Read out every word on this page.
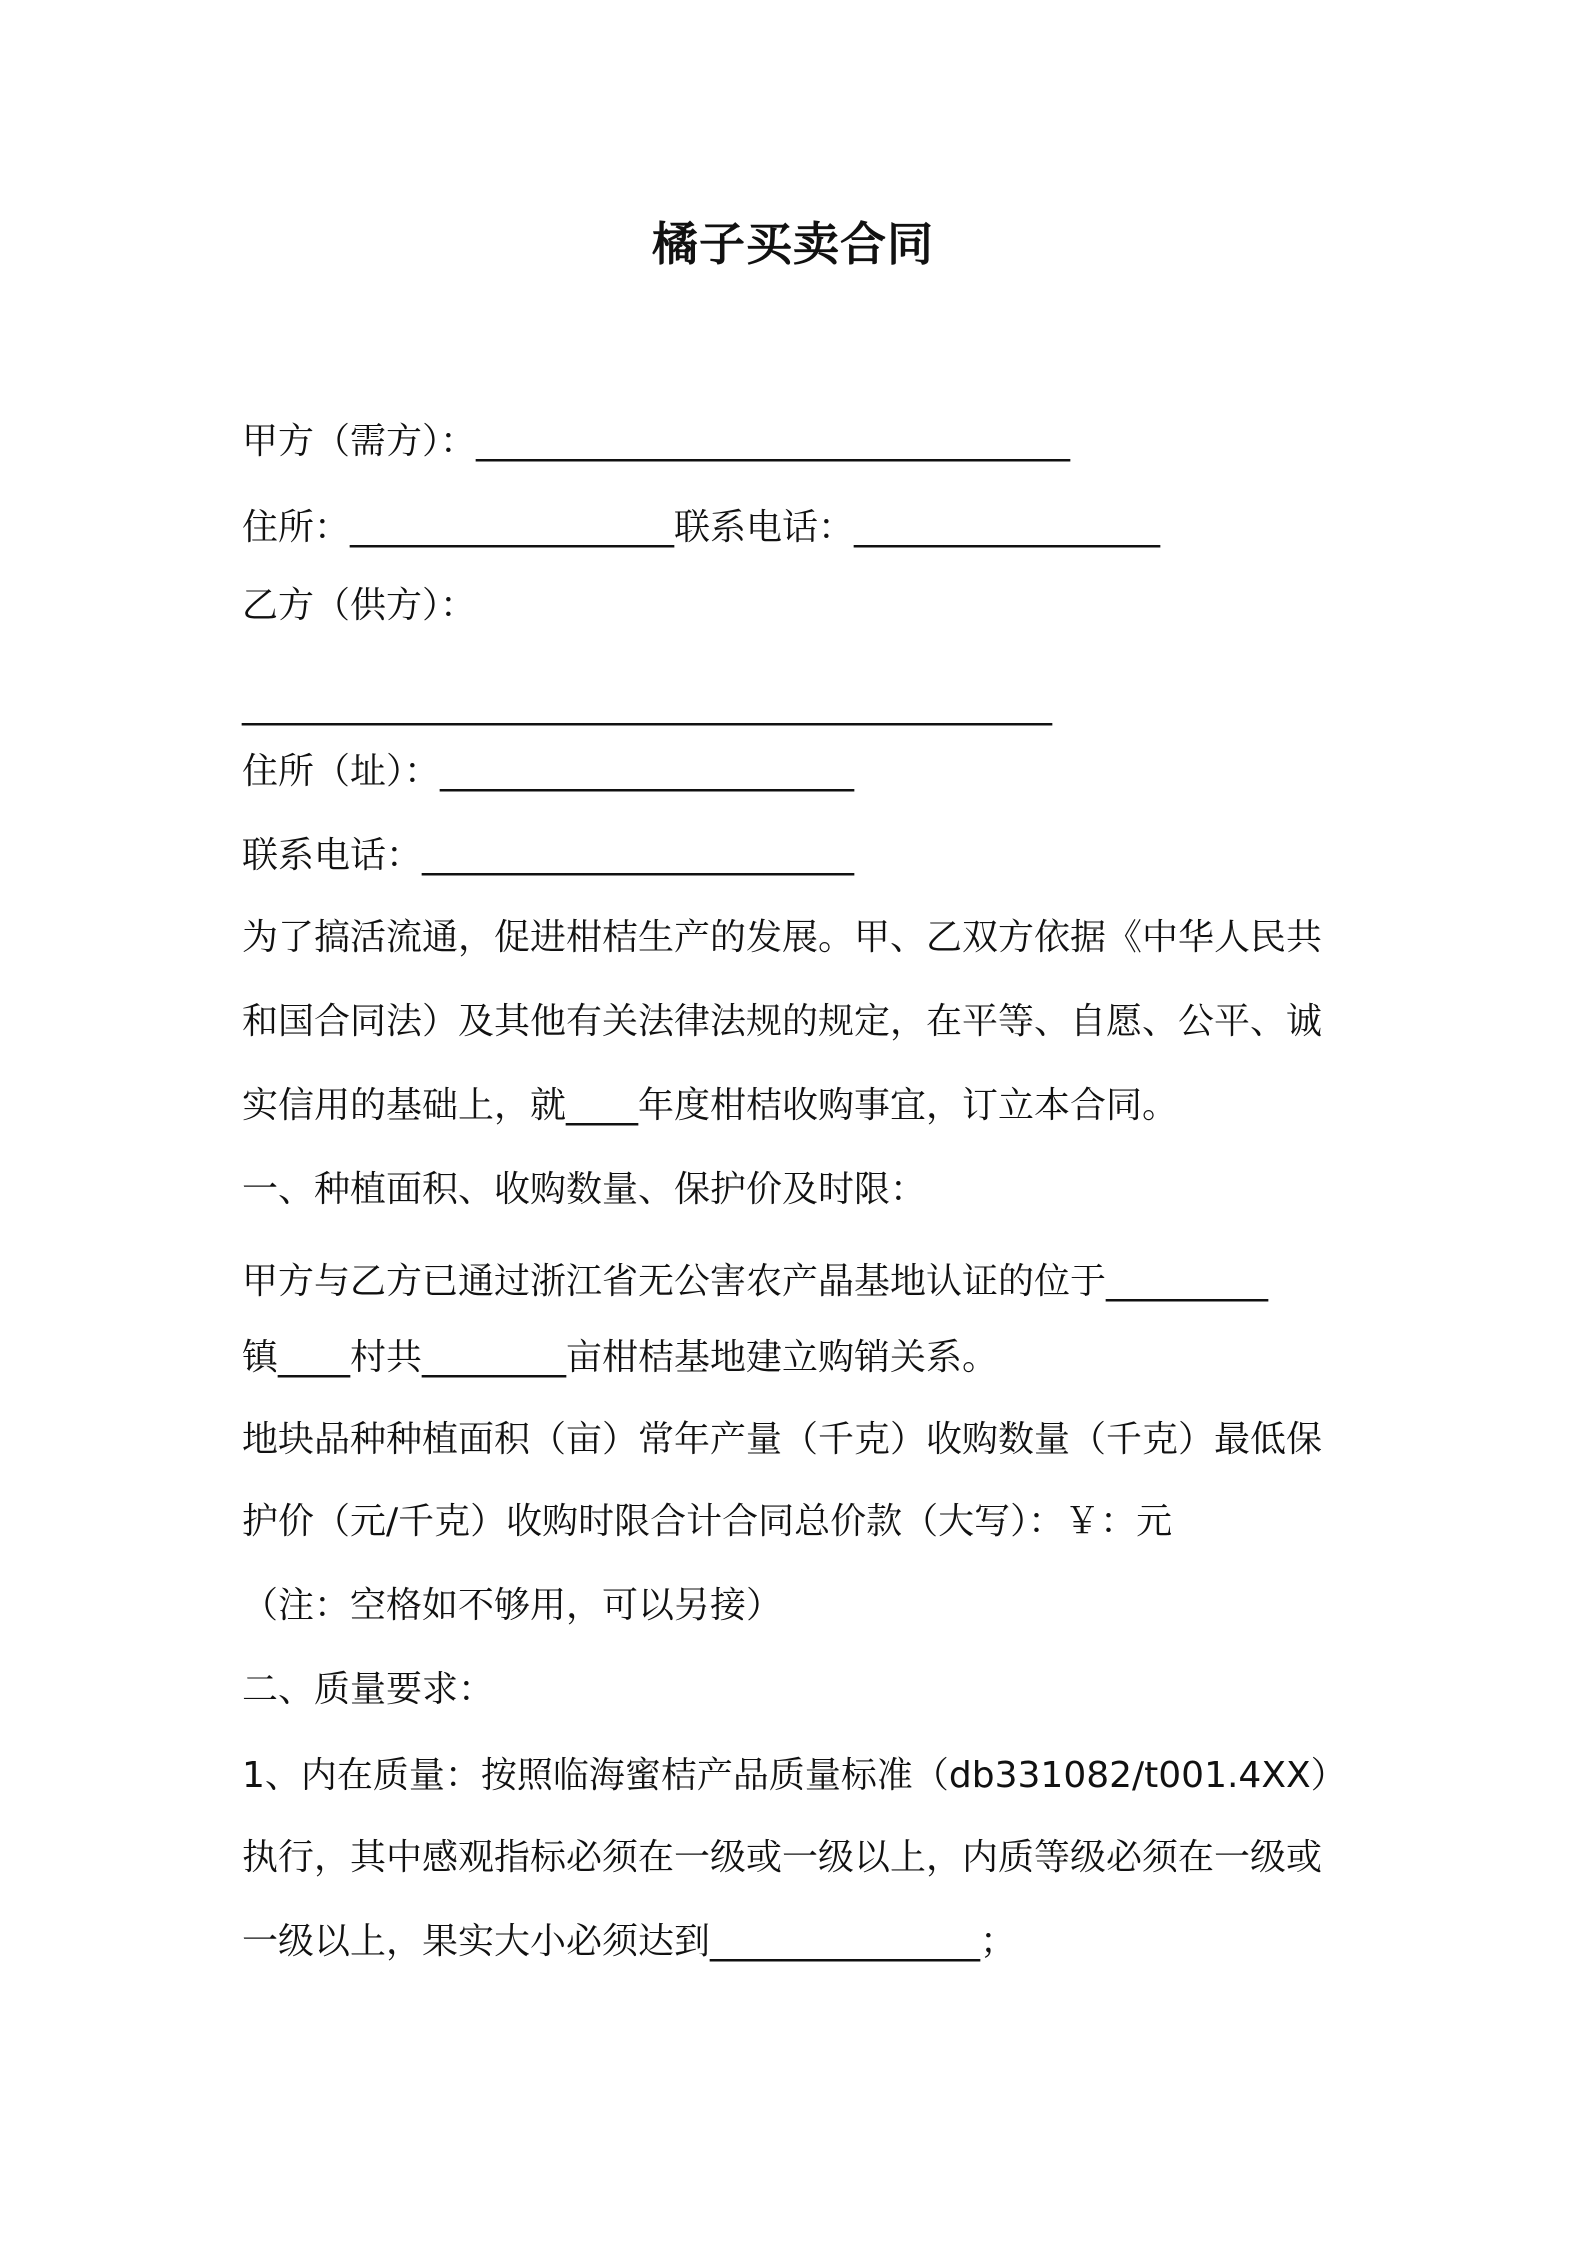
橘子买卖合同
甲方（需方）：_________________________________
住所：__________________联系电话：_________________
乙方（供方）：
_____________________________________________
住所（址）：_______________________
联系电话：________________________
为了搞活流通，促进柑桔生产的发展。甲、乙双方依据《中华人民共
和国合同法）及其他有关法律法规的规定，在平等、自愿、公平、诚
实信用的基础上，就____年度柑桔收购事宜，订立本合同。
一、种植面积、收购数量、保护价及时限：
甲方与乙方已通过浙江省无公害农产晶基地认证的位于_________
镇____村共________亩柑桔基地建立购销关系。
地块品种种植面积（亩）常年产量（千克）收购数量（千克）最低保
护价（元/千克）收购时限合计合同总价款（大写）：￥：元
（注：空格如不够用，可以另接）
二、质量要求：
1、内在质量：按照临海蜜桔产品质量标准（db331082/t001.4XX）
执行，其中感观指标必须在一级或一级以上，内质等级必须在一级或
一级以上，果实大小必须达到_______________；
